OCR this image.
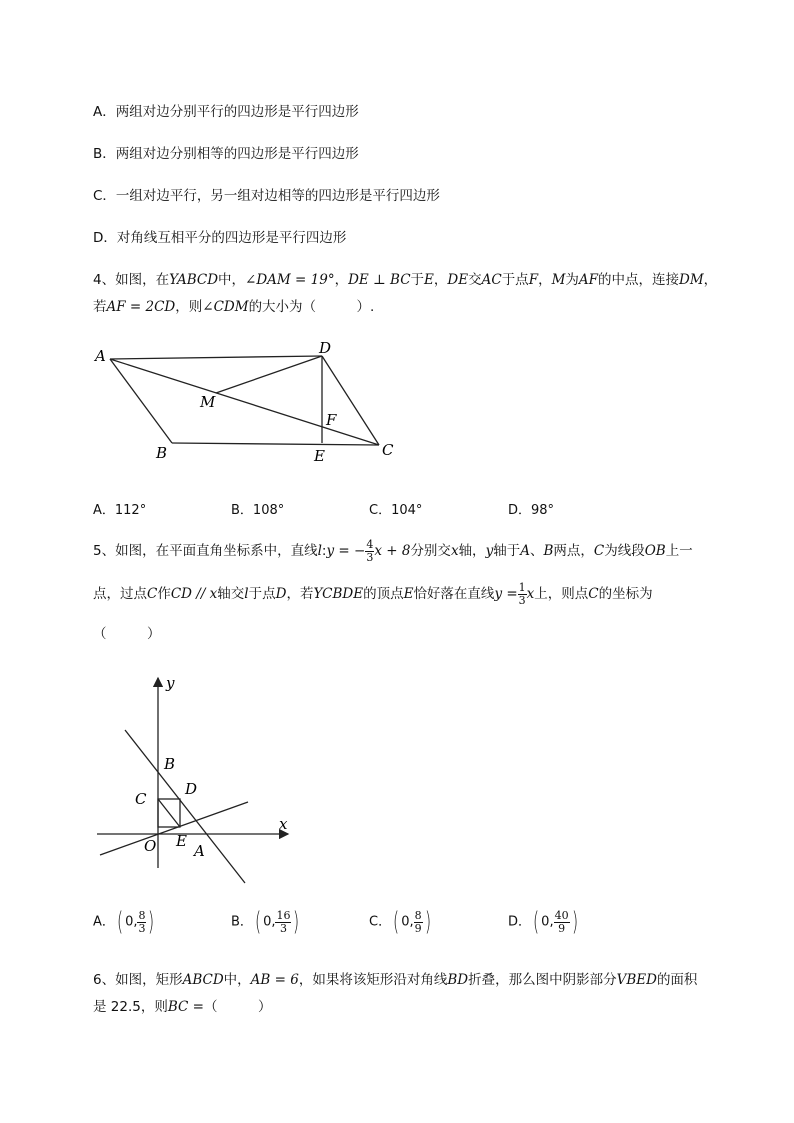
A．两组对边分别平行的四边形是平行四边形
B．两组对边分别相等的四边形是平行四边形
C．一组对边平行，另一组对边相等的四边形是平行四边形
D．对角线互相平分的四边形是平行四边形
4、如图，在YABCD中，∠DAM = 19°，DE ⊥ BC于E，DE交AC于点F，M为AF的中点，连接DM，
若AF = 2CD，则∠CDM的大小为（　　　）.
A	D
M
F
B	E	C
A．112°	B．108°	C．104°	D．98°
5、如图，在平面直角坐标系中，直线l:y = − $\frac{4}{3}$ x + 8分别交x轴，y轴于A、B两点，C为线段OB上一
点，过点C作CD // x轴交l于点D，若YCBDE的顶点E恰好落在直线$y = \frac{1}{3}$ x上，则点C的坐标为
（　　　）
y
x
B
D
C
O E
A
A．( 0, $\frac{8}{3}$ )	B．( 0, $\frac{16}{3}$ )	C．( 0, $\frac{8}{9}$ )	D．( 0, $\frac{40}{9}$ )
6、如图，矩形ABCD中，AB = 6，如果将该矩形沿对角线BD折叠，那么图中阴影部分VBED的面积
是 22.5，则BC =（　　　）
